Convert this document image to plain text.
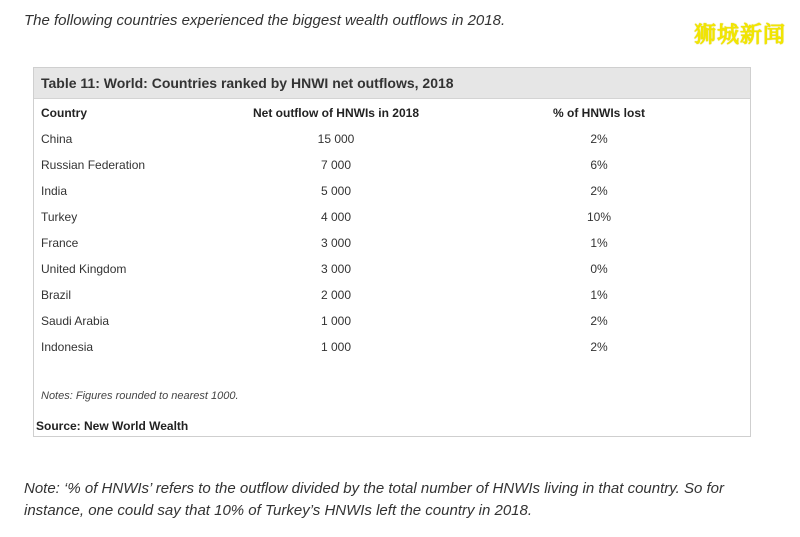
The following countries experienced the biggest wealth outflows in 2018.
狮城新闻
Table 11: World: Countries ranked by HNWI net outflows, 2018
Country	Net outflow of HNWIs in 2018	% of HNWIs lost
China	15 000	2%
Russian Federation	7 000	6%
India	5 000	2%
Turkey	4 000	10%
France	3 000	1%
United Kingdom	3 000	0%
Brazil	2 000	1%
Saudi Arabia	1 000	2%
Indonesia	1 000	2%
Notes: Figures rounded to nearest 1000.
Source: New World Wealth
Note: ‘% of HNWIs’ refers to the outflow divided by the total number of HNWIs living in that country. So for instance, one could say that 10% of Turkey’s HNWIs left the country in 2018.
